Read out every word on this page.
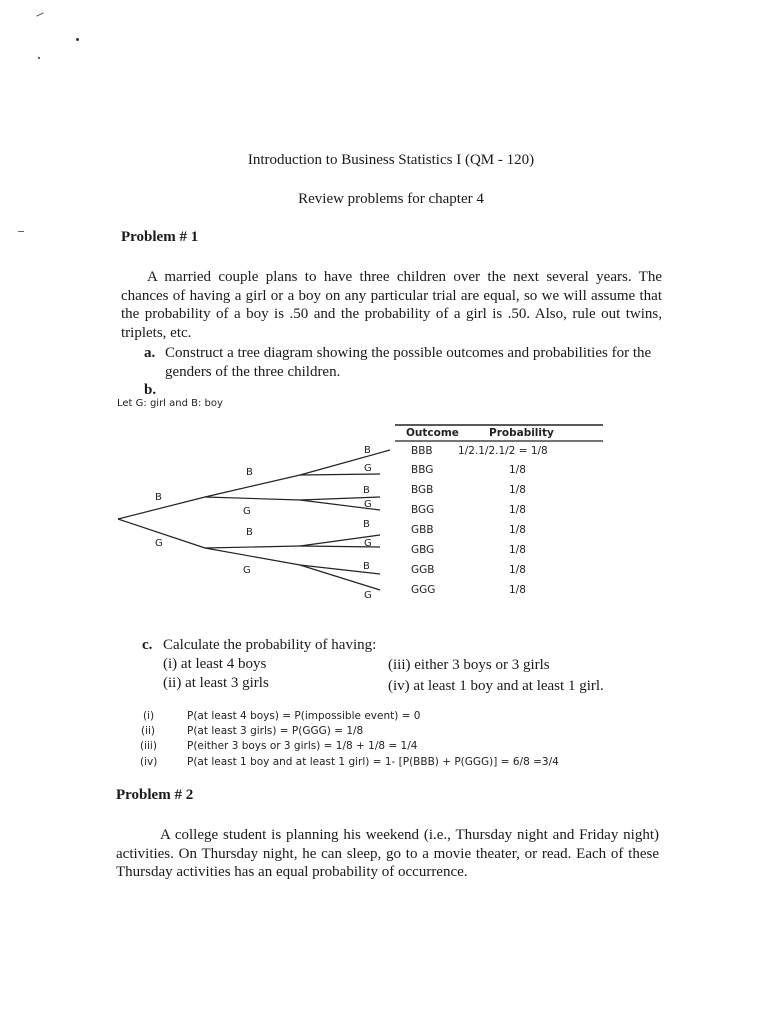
Introduction to Business Statistics I (QM - 120)
Review problems for chapter 4
Problem # 1
A married couple plans to have three children over the next several years. The chances of having a girl or a boy on any particular trial are equal, so we will assume that the probability of a boy is .50 and the probability of a girl is .50. Also, rule out twins, triplets, etc.
a. Construct a tree diagram showing the possible outcomes and probabilities for the genders of the three children.
b.
Let G: girl and B: boy
B
G
B
G
B
G
B
G
B
G
B
G
B
G
Outcome	Probability
BBB 1/2.1/2.1/2 = 1/8
BBG	1/8
BGB	1/8
BGG	1/8
GBB	1/8
GBG	1/8
GGB	1/8
GGG	1/8
c. Calculate the probability of having:
(i) at least 4 boys
(ii) at least 3 girls
(iii) either 3 boys or 3 girls
(iv) at least 1 boy and at least 1 girl.
(i)	P(at least 4 boys) = P(impossible event) = 0
(ii)	P(at least 3 girls) = P(GGG) = 1/8
(iii)	P(either 3 boys or 3 girls) = 1/8 + 1/8 = 1/4
(iv)	P(at least 1 boy and at least 1 girl) = 1- [P(BBB) + P(GGG)] = 6/8 =3/4
Problem # 2
A college student is planning his weekend (i.e., Thursday night and Friday night) activities. On Thursday night, he can sleep, go to a movie theater, or read. Each of these Thursday activities has an equal probability of occurrence.
